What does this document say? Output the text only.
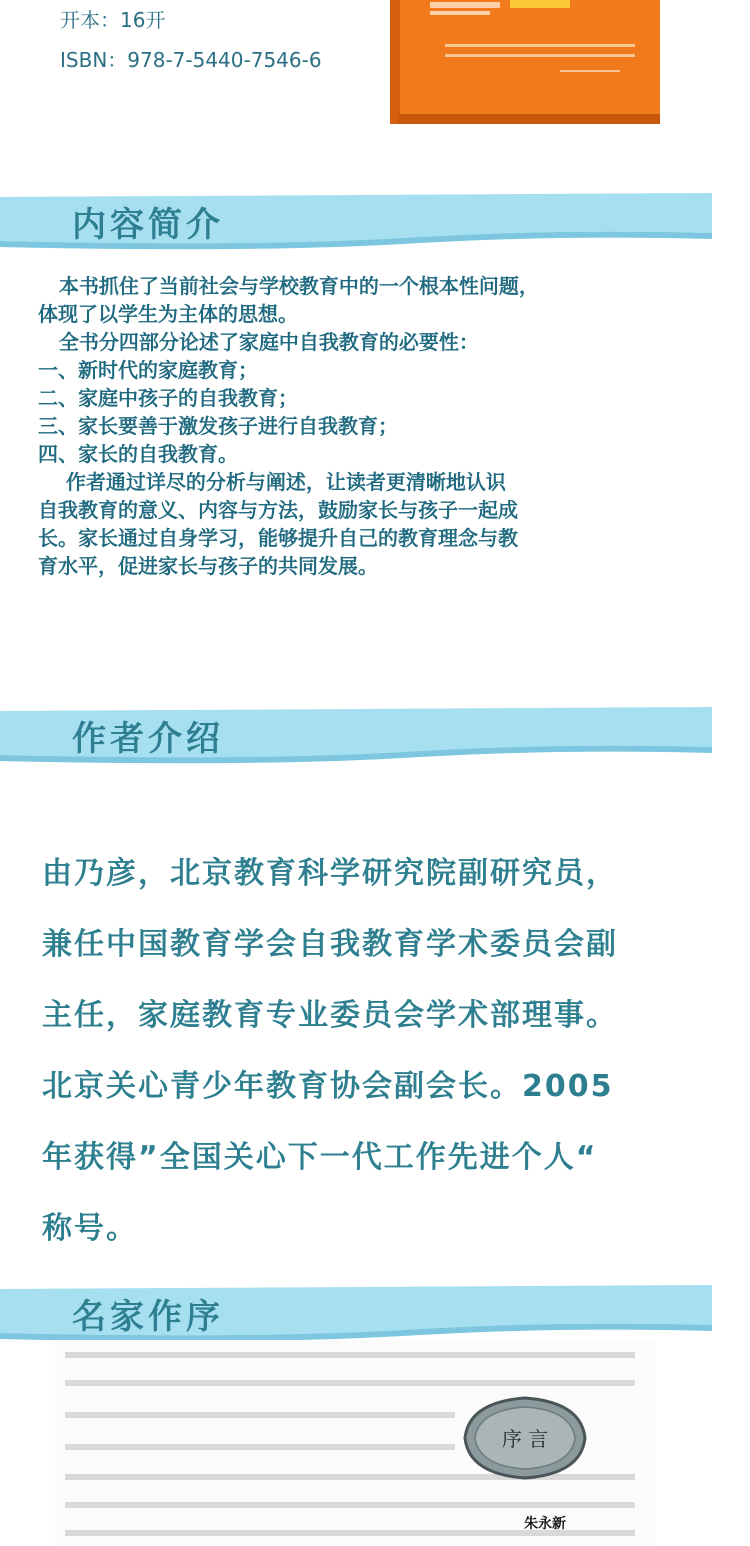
开本：16开
ISBN：978-7-5440-7546-6
内容简介

本书抓住了当前社会与学校教育中的一个根本性问题，

体现了以学生为主体的思想。

全书分四部分论述了家庭中自我教育的必要性：

一、新时代的家庭教育；

二、家庭中孩子的自我教育；

三、家长要善于激发孩子进行自我教育；

四、家长的自我教育。

作者通过详尽的分析与阐述，让读者更清晰地认识

自我教育的意义、内容与方法，鼓励家长与孩子一起成

长。家长通过自身学习，能够提升自己的教育理念与教

育水平，促进家长与孩子的共同发展。

作者介绍

由乃彦，北京教育科学研究院副研究员，

兼任中国教育学会自我教育学术委员会副

主任，家庭教育专业委员会学术部理事。

北京关心青少年教育协会副会长。2005

年获得”全国关心下一代工作先进个人“

称号。

名家作序
序 言
朱永新
